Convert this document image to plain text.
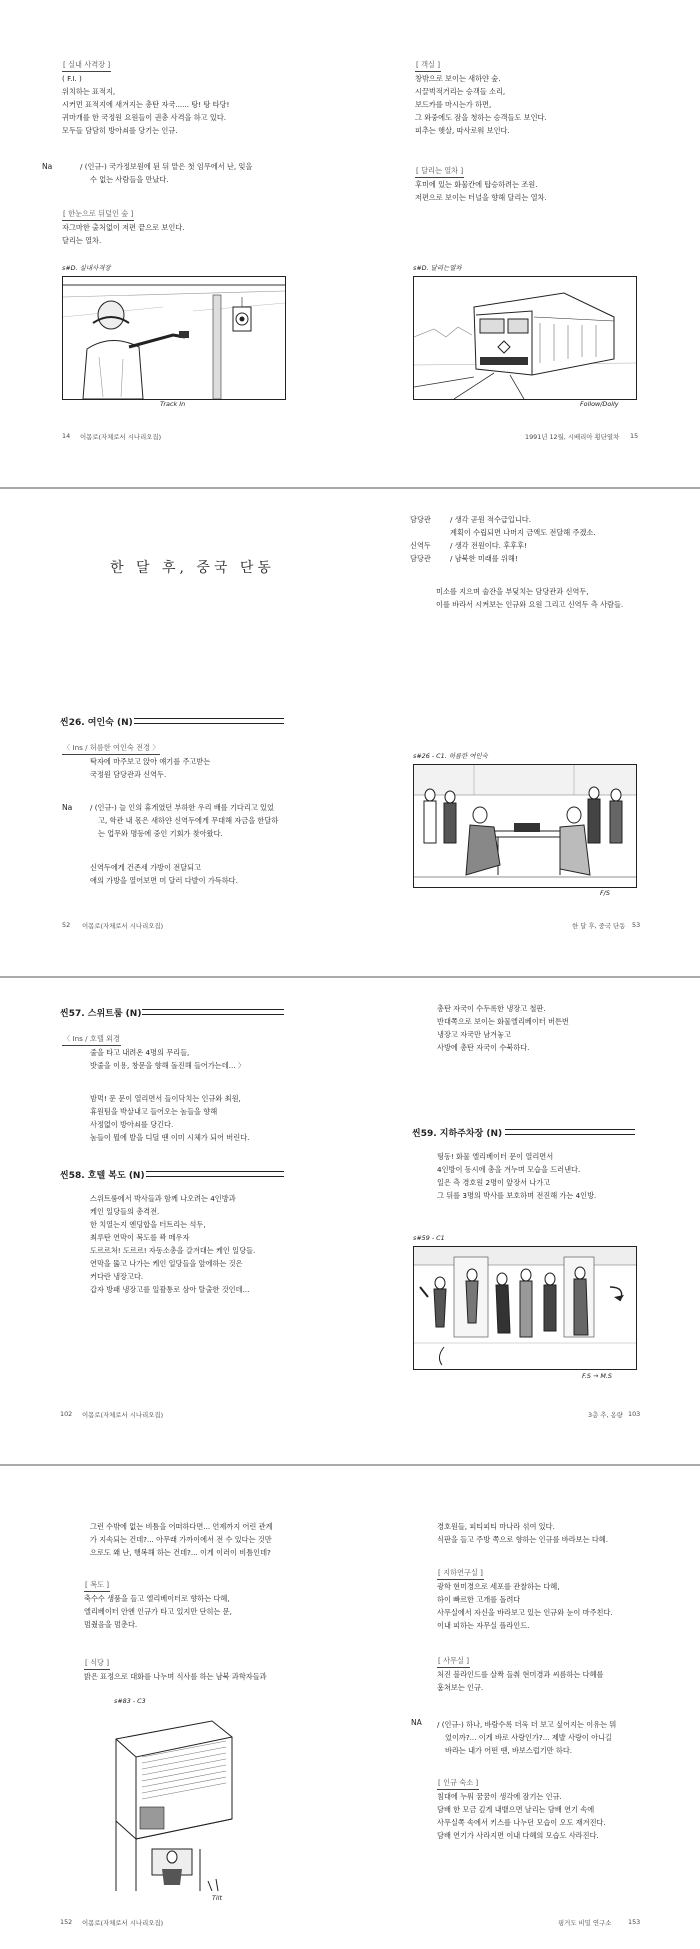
[ 실내 사격장 ]

( F.I. )

위치하는 표적지,

시커먼 표적지에 새겨지는 총탄 자국...... 탕! 탕 타당!

귀마개를 한 국정원 요원들이 권총 사격을 하고 있다.

모두들 담담히 방아쇠를 당기는 인규.

Na	/ (인규-) 국가정보원에 된 뒤 맡은 첫 임무에서 난, 잊을

수 없는 사람들을 만났다.

[ 한눈으로 뒤덮인 숲 ]

자그마한 출처없이 저편 끝으로 보인다.

달리는 열차.

s#D. 실내사격장
Track In

[ 객실 ]

창밖으로 보이는 새하얀 숲.

시끌벅적거리는 승객들 소리,

보드카를 마시는가 하면,

그 와중에도 잠을 청하는 승객들도 보인다.

피추는 햇살, 따사로워 보인다.

[ 달리는 열차 ]

후미에 있는 화물칸에 탑승하려는 조원.

저편으로 보이는 터널을 향해 달리는 열차.

s#D. 달리는열차
Follow/Dolly
14 이몸로(자체로서 시나리오집)	1991년 12월, 시베리아 횡단열차 15
한 달 후, 중국 단동
씬26. 여인숙 (N)

〈 Ins / 허름한 여인숙 전경 〉

탁자에 마주보고 앉아 얘기를 주고받는

국정원 담당관과 신역두.

Na / (인규-) 늘 인의 휴게였던 부하한 우리 배를 기다리고 있었

고, 학관 내 몫은 새하얀 신역두에게 무대해 자금을 한달하

는 업무와 명등에 중인 기회가 찾아왔다.

신역두에게 건존세 가방이 전달되고

애의 가방을 열어보면 미 달러 다발이 가득하다.

담당관	/ 생각 곧원 적수급입니다.

계획이 수립되면 나머지 금액도 전달해 주겠소.

신역두	/ 생각 전원이다. 후후후!

담당관	/ 남북한 미래를 위해!

미소를 지으며 술잔을 부딪치는 담당관과 신역두,

이를 바라서 시켜보는 인규와 요원 그리고 신역두 측 사람들.

s#26 - C1. 허름한 여인숙
F/S
52 이몸로(자체로서 시나리오집)	한 달 후, 중국 단동 53
씬57. 스위트룸 (N)

〈 Ins / 호텔 외경

줄을 타고 내려온 4명의 무리들,

밧줄을 이용, 창문을 향해 돌진해 들어가는데... 〉

밤먹! 문 문이 열리면서 들이닥치는 인규와 최원,

휴원팀을 박살내고 들어오는 놈들을 향해

사정없이 방아쇠를 당긴다.

놈들이 뭘에 발을 디딜 땐 이미 시체가 되어 버린다.

씬58. 호텔 복도 (N)

스위트룸에서 박사들과 함께 나오려는 4인방과

케인 일당들의 총격전.

한 치열는지 엔딩합을 터트리는 석두,

최루탄 연막이 복도를 꽉 메우자

도르르처! 도르르! 자동소총을 갈겨대는 케인 일당들.

연막을 뚫고 나가는 케인 일당들을 앞에하는 것은

커다란 냉장고다.

갑자 방패 냉장고를 일괄통로 삼아 탈출한 것인데...

총탄 자국이 수두록한 냉장고 철판.

반대쪽으로 보이는 화물엘리베이터 버튼번

냉장고 자국만 남겨놓고

사방에 총탄 자국이 수북하다.

씬59. 지하주차장 (N)

띵동! 화물 엘리베이터 문이 열리면서

4인방이 동시에 총을 겨누며 모습을 드러낸다.

일은 측 경호원 2명이 앞장서 나가고

그 뒤를 3명의 박사를 보호하며 전진해 가는 4인방.

s#59 - C1
F.S → M.S
102 이몸로(자체로서 시나리오집)	3층 추, 옹량 103

그런 수밖에 없는 비틈을 어떠하다면... 언제까지 어린 관계

가 지속되는 건데?... 아무래 가까이에서 전 수 있다는 것만

으로도 왜 난, 행복해 하는 건데?... 이게 이러이 비틈인데?

[ 복도 ]

축수수 생품을 들고 엘리베이터로 향하는 다혜,

엘리베이터 안엔 인규가 타고 있지만 단히는 문,

멈췄음을 멈춘다.

[ 식당 ]

밝은 표정으로 대화를 나누며 식사를 하는 남북 과학자들과

s#83 - C3
Tilt

경호원들, 피티피티 마나라 섞여 있다.

식판을 들고 주방 쪽으로 향하는 인규를 바라보는 다혜.

[ 지하연구실 ]

광학 현미경으로 세포를 관찰하는 다혜,

하이 빠르한 고개를 돌려다

사무실에서 자신을 바라보고 있는 인규와 눈이 마주친다.

이내 피하는 자무실 플라인드.

[ 사무실 ]

처진 블라인드를 살짝 들춰 현미경과 씨름하는 다혜를

훔쳐보는 인규.

NA / (인규-) 하나, 바람수록 더욱 더 보고 싶어지는 이유는 뭐

었이까?... 이게 바로 사랑인가?... 제발 사랑이 아니길

바라는 내가 어떤 땐, 바보스럽기만 하다.

[ 인규 숙소 ]

침대에 누워 꿈꿈이 생각에 잠기는 인규.

담배 한 모금 깊게 내뱉으면 날리는 담배 연기 속에

사무실쪽 속에서 키스를 나누던 모습이 오도 재겨진다.

담배 연기가 사라지면 이내 다혜의 모습도 사라진다.

152 이몸로(자체로서 시나리오집)	핑거도 비밀 연구소	153
